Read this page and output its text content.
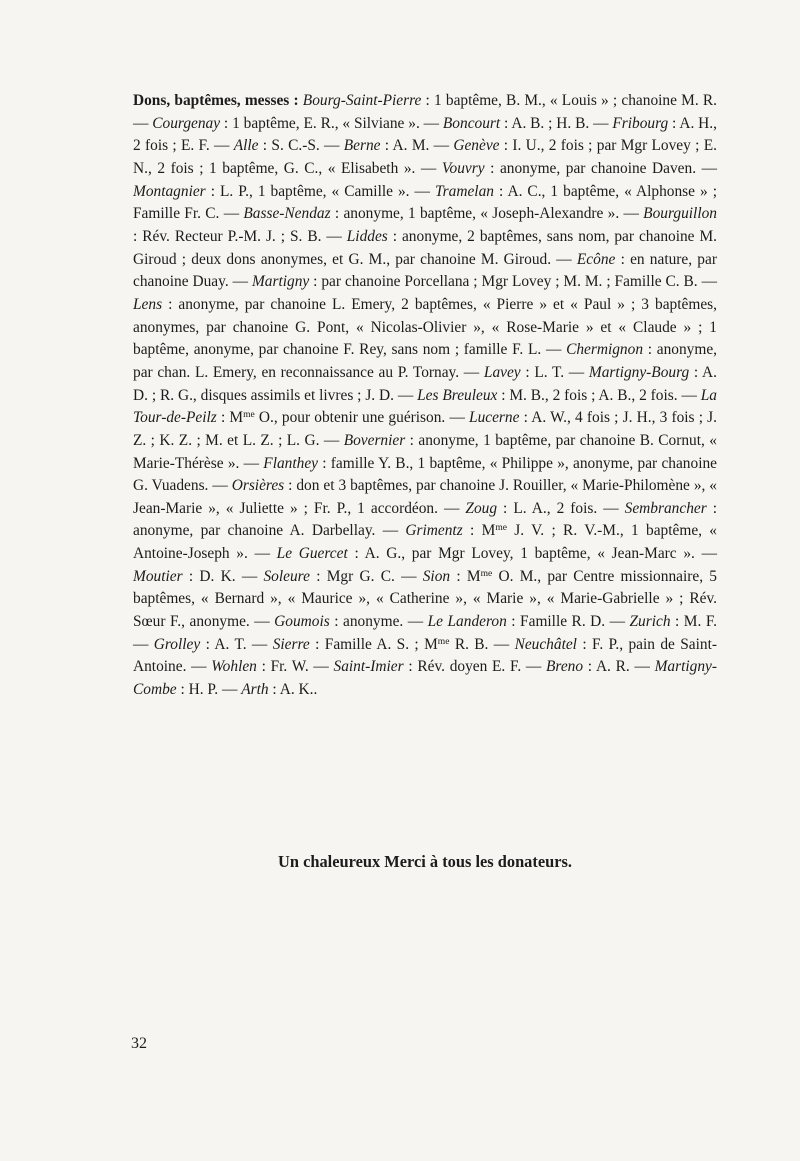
Dons, baptêmes, messes : Bourg-Saint-Pierre : 1 baptême, B. M., « Louis » ; chanoine M. R. — Courgenay : 1 baptême, E. R., « Silviane ». — Boncourt : A. B. ; H. B. — Fribourg : A. H., 2 fois ; E. F. — Alle : S. C.-S. — Berne : A. M. — Genève : I. U., 2 fois ; par Mgr Lovey ; E. N., 2 fois ; 1 baptême, G. C., « Elisabeth ». — Vouvry : anonyme, par chanoine Daven. — Montagnier : L. P., 1 baptême, « Camille ». — Tramelan : A. C., 1 baptême, « Alphonse » ; Famille Fr. C. — Basse-Nendaz : anonyme, 1 baptême, « Joseph-Alexandre ». — Bourguillon : Rév. Recteur P.-M. J. ; S. B. — Liddes : anonyme, 2 baptêmes, sans nom, par chanoine M. Giroud ; deux dons anonymes, et G. M., par chanoine M. Giroud. — Ecône : en nature, par chanoine Duay. — Martigny : par chanoine Porcellana ; Mgr Lovey ; M. M. ; Famille C. B. — Lens : anonyme, par chanoine L. Emery, 2 baptêmes, « Pierre » et « Paul » ; 3 baptêmes, anonymes, par chanoine G. Pont, « Nicolas-Olivier », « Rose-Marie » et « Claude » ; 1 baptême, anonyme, par chanoine F. Rey, sans nom ; famille F. L. — Chermignon : anonyme, par chan. L. Emery, en reconnaissance au P. Tornay. — Lavey : L. T. — Martigny-Bourg : A. D. ; R. G., disques assimils et livres ; J. D. — Les Breuleux : M. B., 2 fois ; A. B., 2 fois. — La Tour-de-Peilz : $M^{me}$ O., pour obtenir une guérison. — Lucerne : A. W., 4 fois ; J. H., 3 fois ; J. Z. ; K. Z. ; M. et L. Z. ; L. G. — Bovernier : anonyme, 1 baptême, par chanoine B. Cornut, « Marie-Thérèse ». — Flanthey : famille Y. B., 1 baptême, « Philippe », anonyme, par chanoine G. Vuadens. — Orsières : don et 3 baptêmes, par chanoine J. Rouiller, « Marie-Philomène », « Jean-Marie », « Juliette » ; Fr. P., 1 accordéon. — Zoug : L. A., 2 fois. — Sembrancher : anonyme, par chanoine A. Darbellay. — Grimentz : $M^{me}$ J. V. ; R. V.-M., 1 baptême, « Antoine-Joseph ». — Le Guercet : A. G., par Mgr Lovey, 1 baptême, « Jean-Marc ». — Moutier : D. K. — Soleure : Mgr G. C. — Sion : $M^{me}$ O. M., par Centre missionnaire, 5 baptêmes, « Bernard », « Maurice », « Catherine », « Marie », « Marie-Gabrielle » ; Rév. Sœur F., anonyme. — Goumois : anonyme. — Le Landeron : Famille R. D. — Zurich : M. F. — Grolley : A. T. — Sierre : Famille A. S. ; $M^{me}$ R. B. — Neuchâtel : F. P., pain de Saint-Antoine. — Wohlen : Fr. W. — Saint-Imier : Rév. doyen E. F. — Breno : A. R. — Martigny-Combe : H. P. — Arth : A. K..
Un chaleureux Merci à tous les donateurs.
32
